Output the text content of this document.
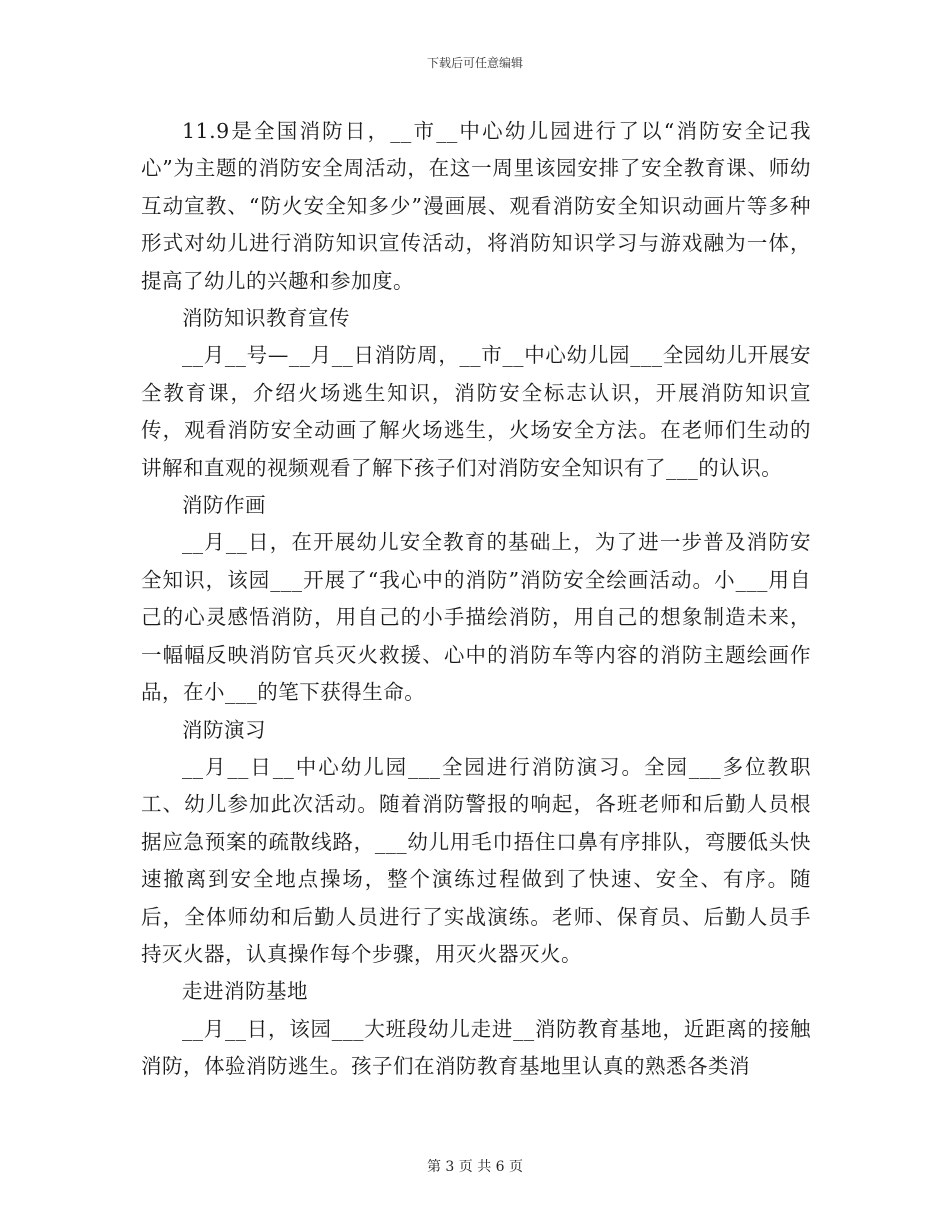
下载后可任意编辑

11.9是全国消防日，__市__中心幼儿园进行了以“消防安全记我心”为主题的消防安全周活动，在这一周里该园安排了安全教育课、师幼互动宣教、“防火安全知多少”漫画展、观看消防安全知识动画片等多种形式对幼儿进行消防知识宣传活动，将消防知识学习与游戏融为一体，提高了幼儿的兴趣和参加度。

消防知识教育宣传

__月__号—__月__日消防周，__市__中心幼儿园___全园幼儿开展安全教育课，介绍火场逃生知识，消防安全标志认识，开展消防知识宣传，观看消防安全动画了解火场逃生，火场安全方法。在老师们生动的讲解和直观的视频观看了解下孩子们对消防安全知识有了___的认识。

消防作画

__月__日，在开展幼儿安全教育的基础上，为了进一步普及消防安全知识，该园___开展了“我心中的消防”消防安全绘画活动。小___用自己的心灵感悟消防，用自己的小手描绘消防，用自己的想象制造未来，一幅幅反映消防官兵灭火救援、心中的消防车等内容的消防主题绘画作品，在小___的笔下获得生命。

消防演习

__月__日__中心幼儿园___全园进行消防演习。全园___多位教职工、幼儿参加此次活动。随着消防警报的响起，各班老师和后勤人员根据应急预案的疏散线路，___幼儿用毛巾捂住口鼻有序排队，弯腰低头快速撤离到安全地点操场，整个演练过程做到了快速、安全、有序。随后，全体师幼和后勤人员进行了实战演练。老师、保育员、后勤人员手持灭火器，认真操作每个步骤，用灭火器灭火。

走进消防基地

__月__日，该园___大班段幼儿走进__消防教育基地，近距离的接触消防，体验消防逃生。孩子们在消防教育基地里认真的熟悉各类消

第 3 页 共 6 页
